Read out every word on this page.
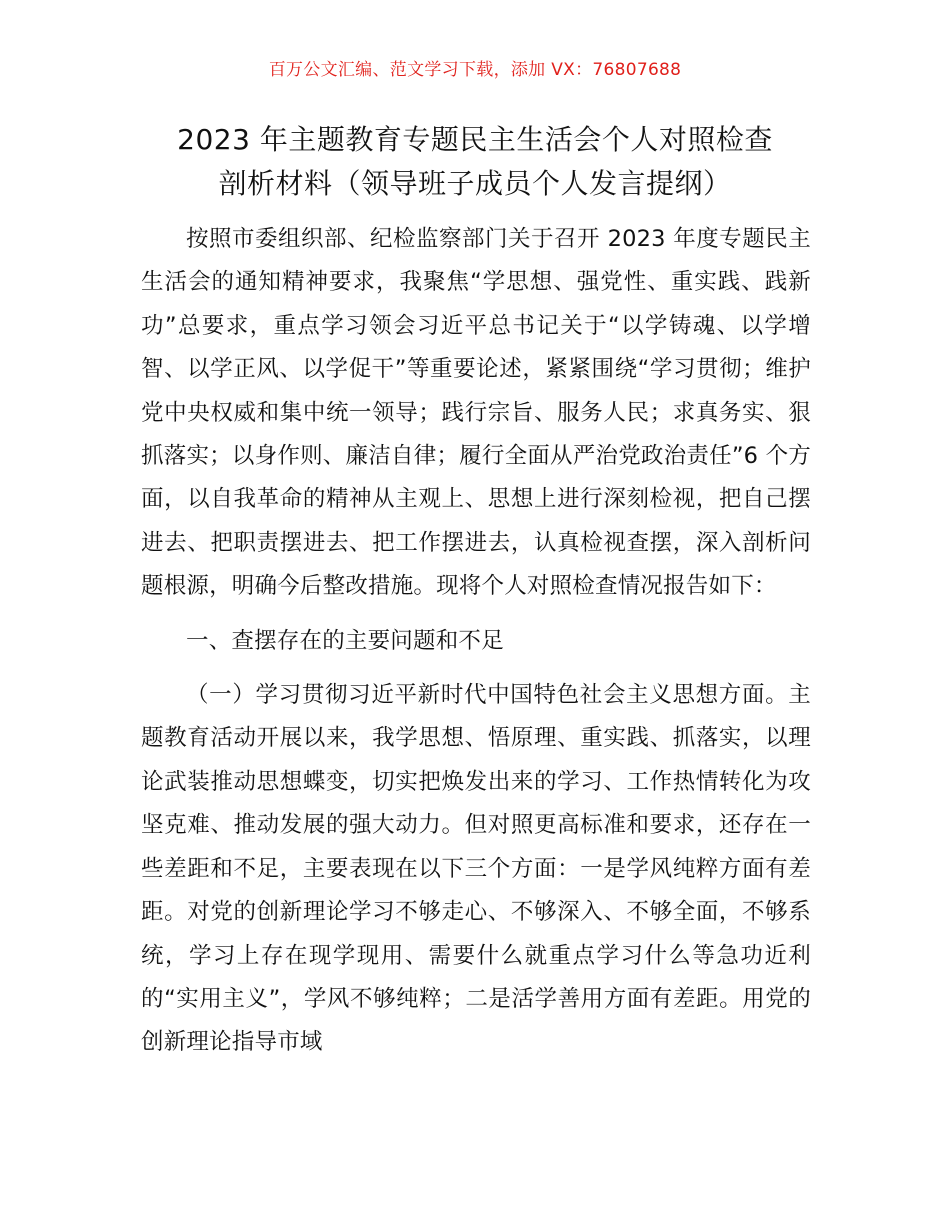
百万公文汇编、范文学习下载，添加 VX：76807688
2023 年主题教育专题民主生活会个人对照检查
剖析材料（领导班子成员个人发言提纲）

按照市委组织部、纪检监察部门关于召开 2023 年度专题民主生活会的通知精神要求，我聚焦“学思想、强党性、重实践、践新功”总要求，重点学习领会习近平总书记关于“以学铸魂、以学增智、以学正风、以学促干”等重要论述，紧紧围绕“学习贯彻；维护党中央权威和集中统一领导；践行宗旨、服务人民；求真务实、狠抓落实；以身作则、廉洁自律；履行全面从严治党政治责任”6 个方面，以自我革命的精神从主观上、思想上进行深刻检视，把自己摆进去、把职责摆进去、把工作摆进去，认真检视查摆，深入剖析问题根源，明确今后整改措施。现将个人对照检查情况报告如下：

一、查摆存在的主要问题和不足

（一）学习贯彻习近平新时代中国特色社会主义思想方面。主题教育活动开展以来，我学思想、悟原理、重实践、抓落实，以理论武装推动思想蝶变，切实把焕发出来的学习、工作热情转化为攻坚克难、推动发展的强大动力。但对照更高标准和要求，还存在一些差距和不足，主要表现在以下三个方面：一是学风纯粹方面有差距。对党的创新理论学习不够走心、不够深入、不够全面，不够系统，学习上存在现学现用、需要什么就重点学习什么等急功近利的“实用主义”，学风不够纯粹；二是活学善用方面有差距。用党的创新理论指导市域
